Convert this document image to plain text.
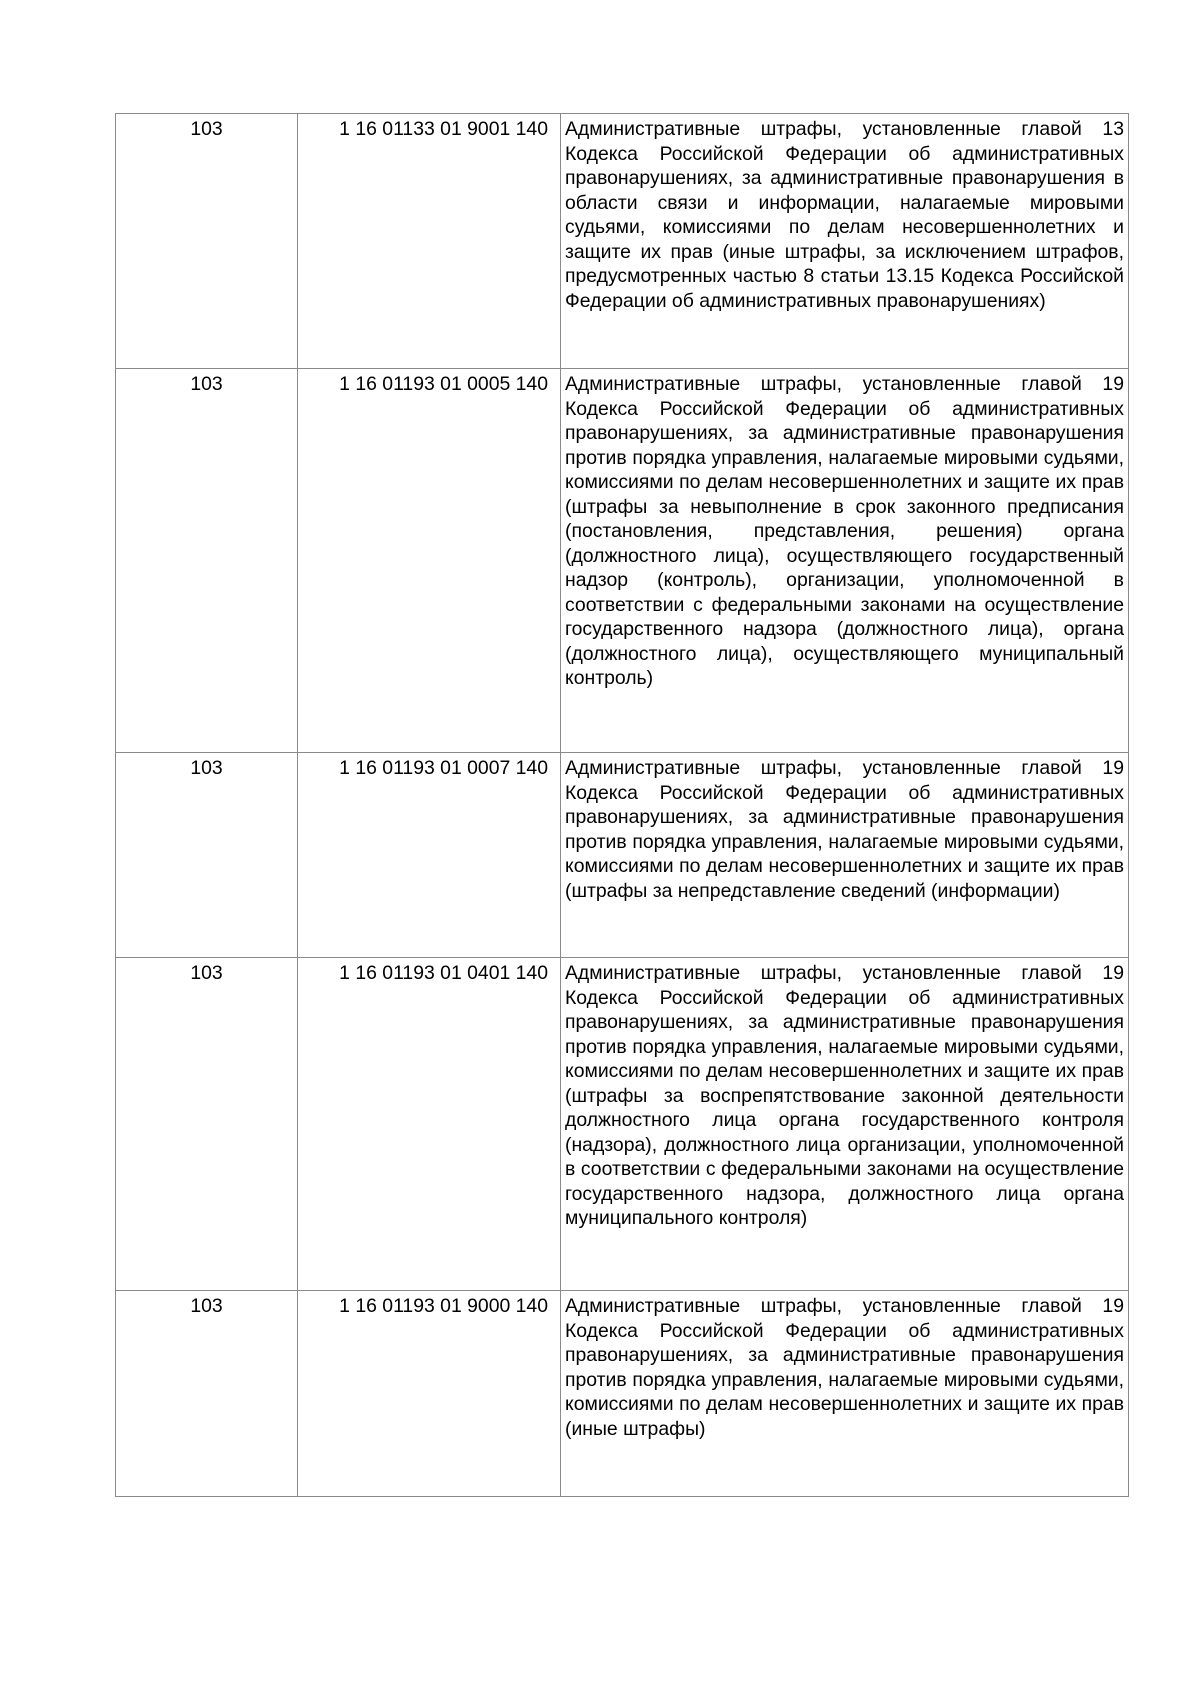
103	1 16 01133 01 9001 140	Административные штрафы, установленные главой 13 Кодекса Российской Федерации об административных правонарушениях, за административные правонарушения в области связи и информации, налагаемые мировыми судьями, комиссиями по делам несовершеннолетних и защите их прав (иные штрафы, за исключением штрафов, предусмотренных частью 8 статьи 13.15 Кодекса Российской Федерации об административных правонарушениях)
103	1 16 01193 01 0005 140	Административные штрафы, установленные главой 19 Кодекса Российской Федерации об административных правонарушениях, за административные правонарушения против порядка управления, налагаемые мировыми судьями, комиссиями по делам несовершеннолетних и защите их прав (штрафы за невыполнение в срок законного предписания (постановления, представления, решения) органа (должностного лица), осуществляющего государственный надзор (контроль), организации, уполномоченной в соответствии с федеральными законами на осуществление государственного надзора (должностного лица), органа (должностного лица), осуществляющего муниципальный контроль)
103	1 16 01193 01 0007 140	Административные штрафы, установленные главой 19 Кодекса Российской Федерации об административных правонарушениях, за административные правонарушения против порядка управления, налагаемые мировыми судьями, комиссиями по делам несовершеннолетних и защите их прав (штрафы за непредставление сведений (информации)
103	1 16 01193 01 0401 140	Административные штрафы, установленные главой 19 Кодекса Российской Федерации об административных правонарушениях, за административные правонарушения против порядка управления, налагаемые мировыми судьями, комиссиями по делам несовершеннолетних и защите их прав (штрафы за воспрепятствование законной деятельности должностного лица органа государственного контроля (надзора), должностного лица организации, уполномоченной в соответствии с федеральными законами на осуществление государственного надзора, должностного лица органа муниципального контроля)
103	1 16 01193 01 9000 140	Административные штрафы, установленные главой 19 Кодекса Российской Федерации об административных правонарушениях, за административные правонарушения против порядка управления, налагаемые мировыми судьями, комиссиями по делам несовершеннолетних и защите их прав (иные штрафы)
